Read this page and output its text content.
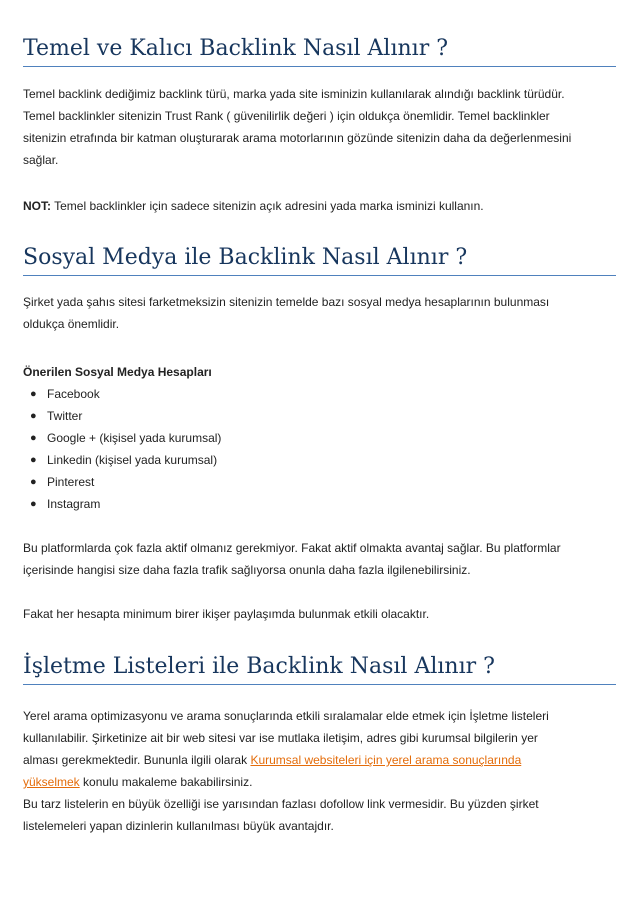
Temel ve Kalıcı Backlink Nasıl Alınır ?
Temel backlink dediğimiz backlink türü, marka yada site isminizin kullanılarak alındığı backlink türüdür.
Temel backlinkler sitenizin Trust Rank ( güvenilirlik değeri ) için oldukça önemlidir. Temel backlinkler
sitenizin etrafında bir katman oluşturarak arama motorlarının gözünde sitenizin daha da değerlenmesini
sağlar.
NOT: Temel backlinkler için sadece sitenizin açık adresini yada marka isminizi kullanın.
Sosyal Medya ile Backlink Nasıl Alınır ?
Şirket yada şahıs sitesi farketmeksizin sitenizin temelde bazı sosyal medya hesaplarının bulunması
oldukça önemlidir.
Önerilen Sosyal Medya Hesapları
● Facebook
● Twitter
● Google + (kişisel yada kurumsal)
● Linkedin (kişisel yada kurumsal)
● Pinterest
● Instagram
Bu platformlarda çok fazla aktif olmanız gerekmiyor. Fakat aktif olmakta avantaj sağlar. Bu platformlar
içerisinde hangisi size daha fazla trafik sağlıyorsa onunla daha fazla ilgilenebilirsiniz.
Fakat her hesapta minimum birer ikişer paylaşımda bulunmak etkili olacaktır.
İşletme Listeleri ile Backlink Nasıl Alınır ?
Yerel arama optimizasyonu ve arama sonuçlarında etkili sıralamalar elde etmek için İşletme listeleri
kullanılabilir. Şirketinize ait bir web sitesi var ise mutlaka iletişim, adres gibi kurumsal bilgilerin yer
alması gerekmektedir. Bununla ilgili olarak Kurumsal websiteleri için yerel arama sonuçlarında
yükselmek konulu makaleme bakabilirsiniz.
Bu tarz listelerin en büyük özelliği ise yarısından fazlası dofollow link vermesidir. Bu yüzden şirket
listelemeleri yapan dizinlerin kullanılması büyük avantajdır.
